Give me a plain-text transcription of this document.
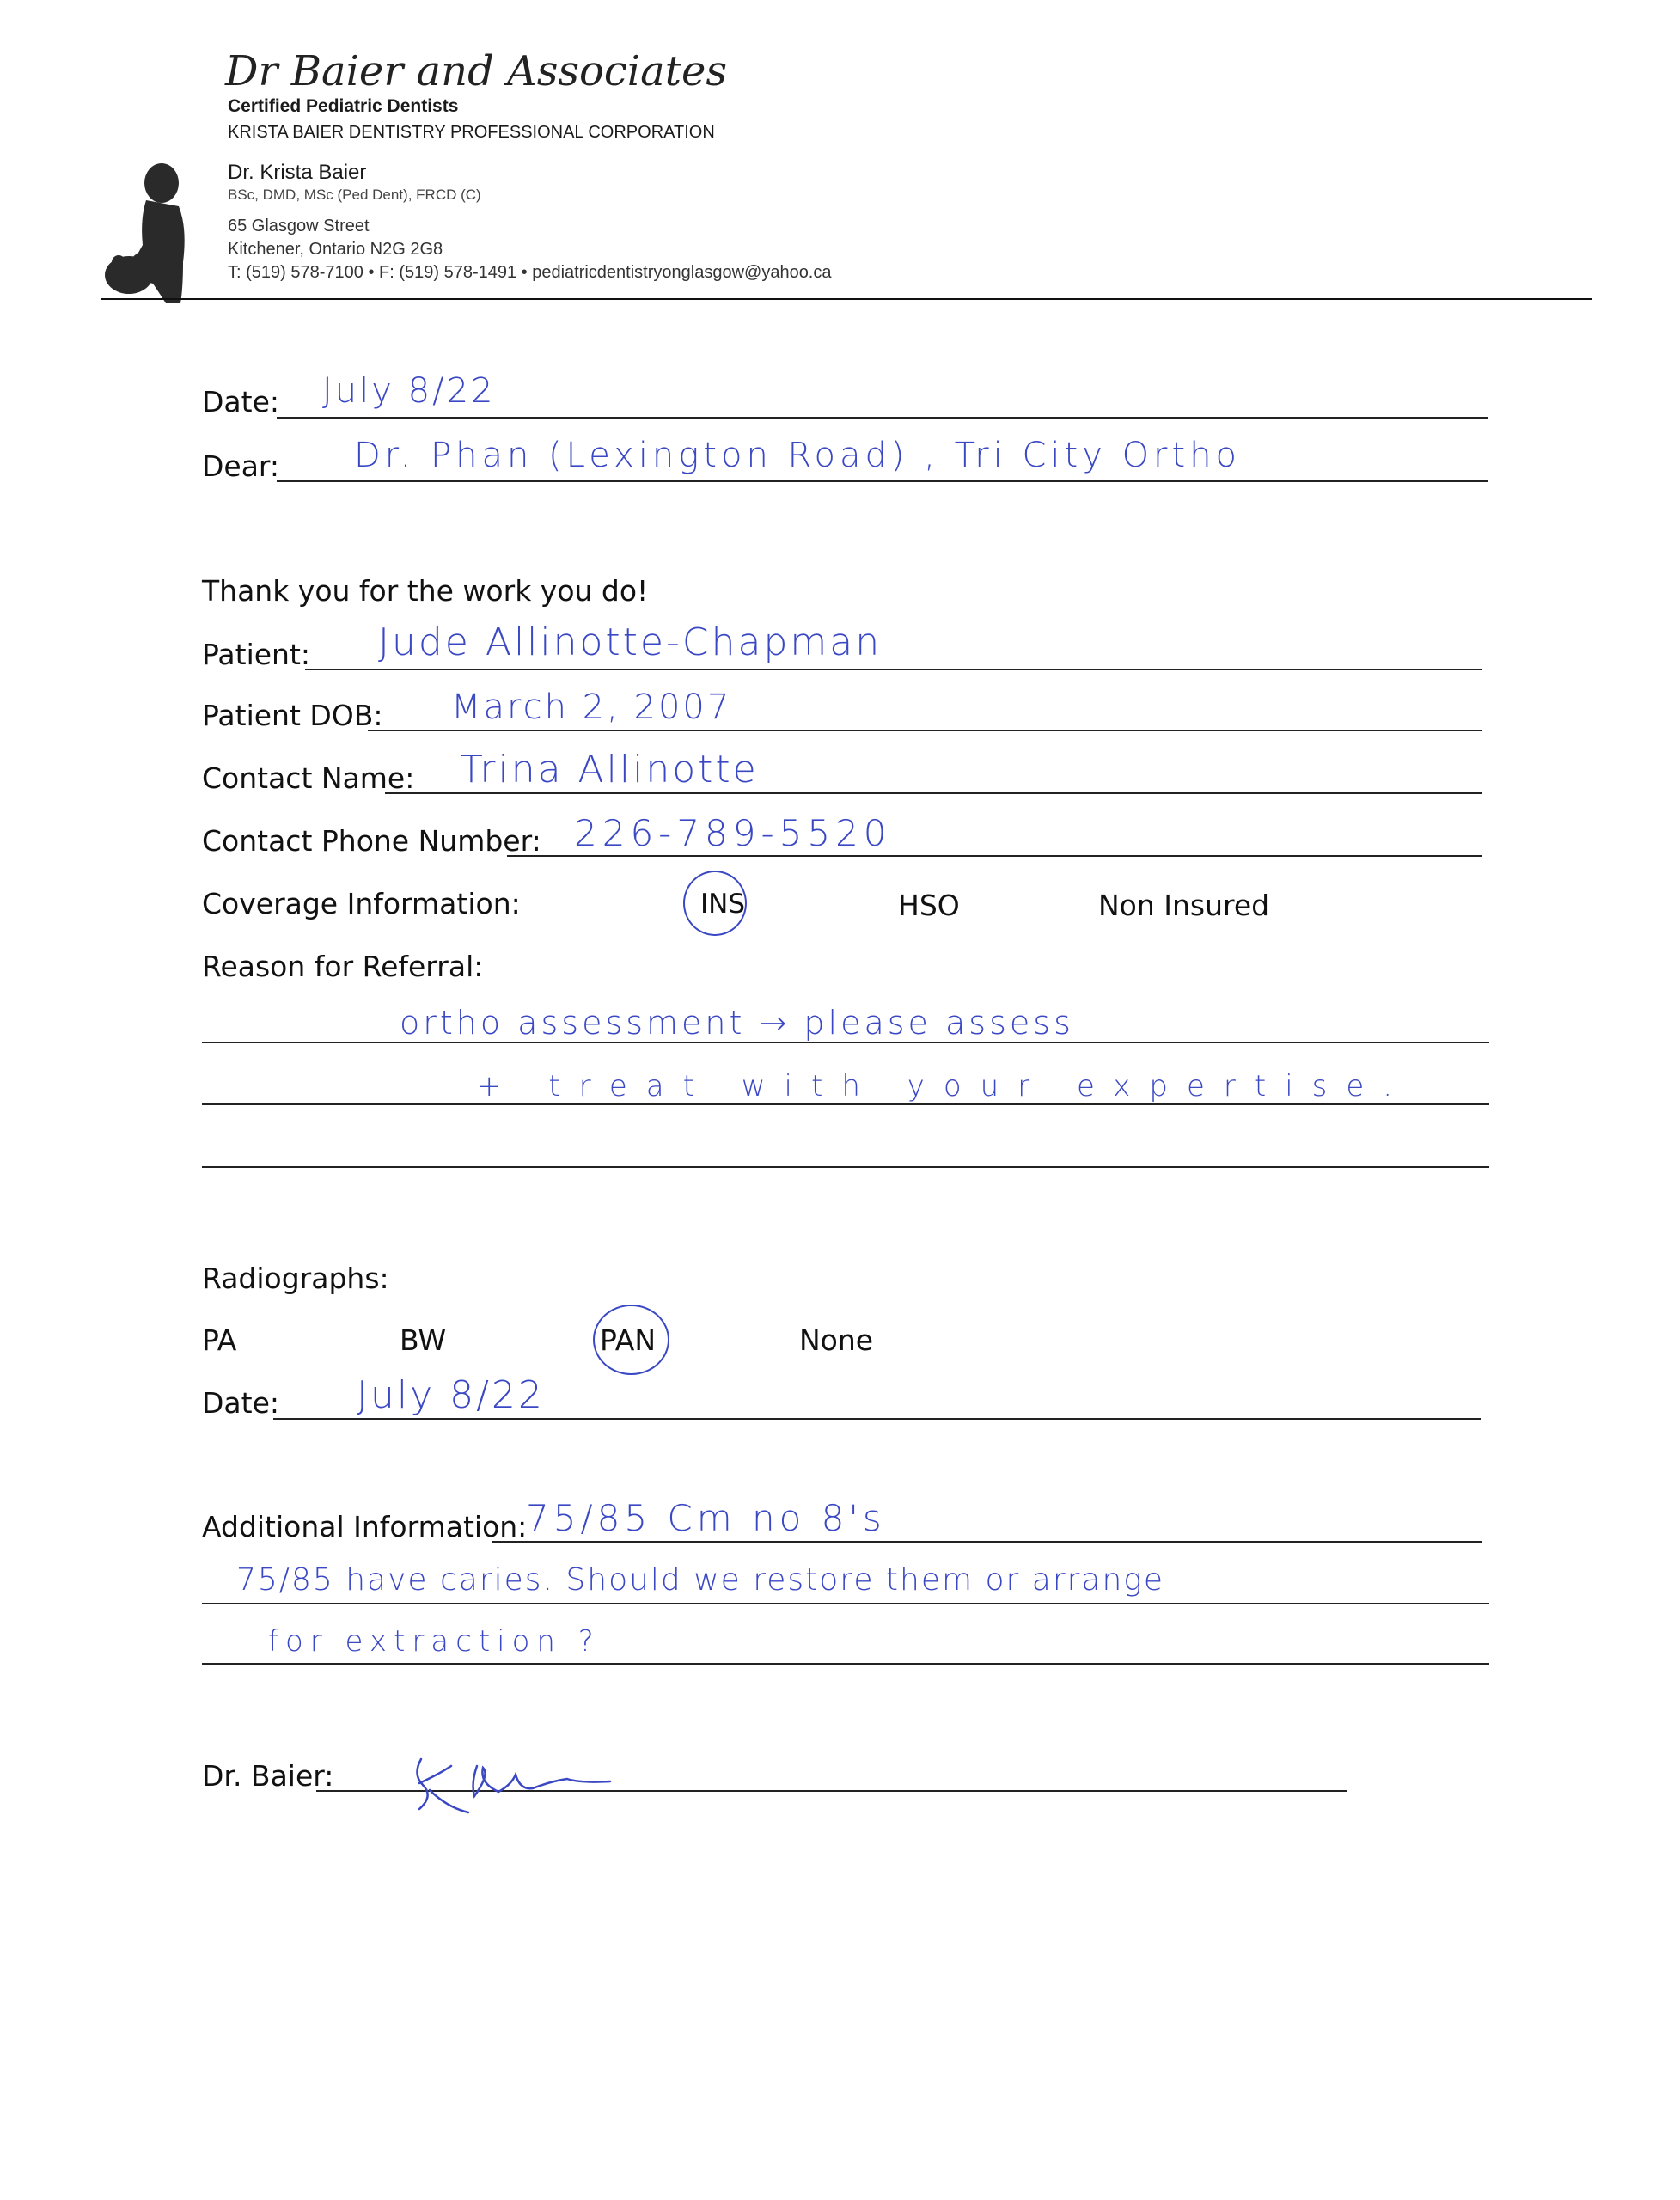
Dr Baier and Associates
Certified Pediatric Dentists
KRISTA BAIER DENTISTRY PROFESSIONAL CORPORATION
Dr. Krista Baier
BSc, DMD, MSc (Ped Dent), FRCD (C)
65 Glasgow Street
Kitchener, Ontario N2G 2G8
T: (519) 578-7100 • F: (519) 578-1491 • pediatricdentistryonglasgow@yahoo.ca
Date: July 8/22
Dear: Dr. Phan (Lexington Road) , Tri City Ortho
Thank you for the work you do!
Patient: Jude Allinotte-Chapman
Patient DOB: March 2, 2007
Contact Name: Trina Allinotte
Contact Phone Number: 226-789-5520
Coverage Information:	INS	HSO	Non Insured
Reason for Referral:
ortho assessment → please assess
+ treat with your expertise.
Radiographs:
PA	BW	PAN	None
Date: July 8/22
Additional Information:
75/85 Cm no 8's
75/85 have caries. Should we restore them or arrange
for extraction ?
Dr. Baier:
